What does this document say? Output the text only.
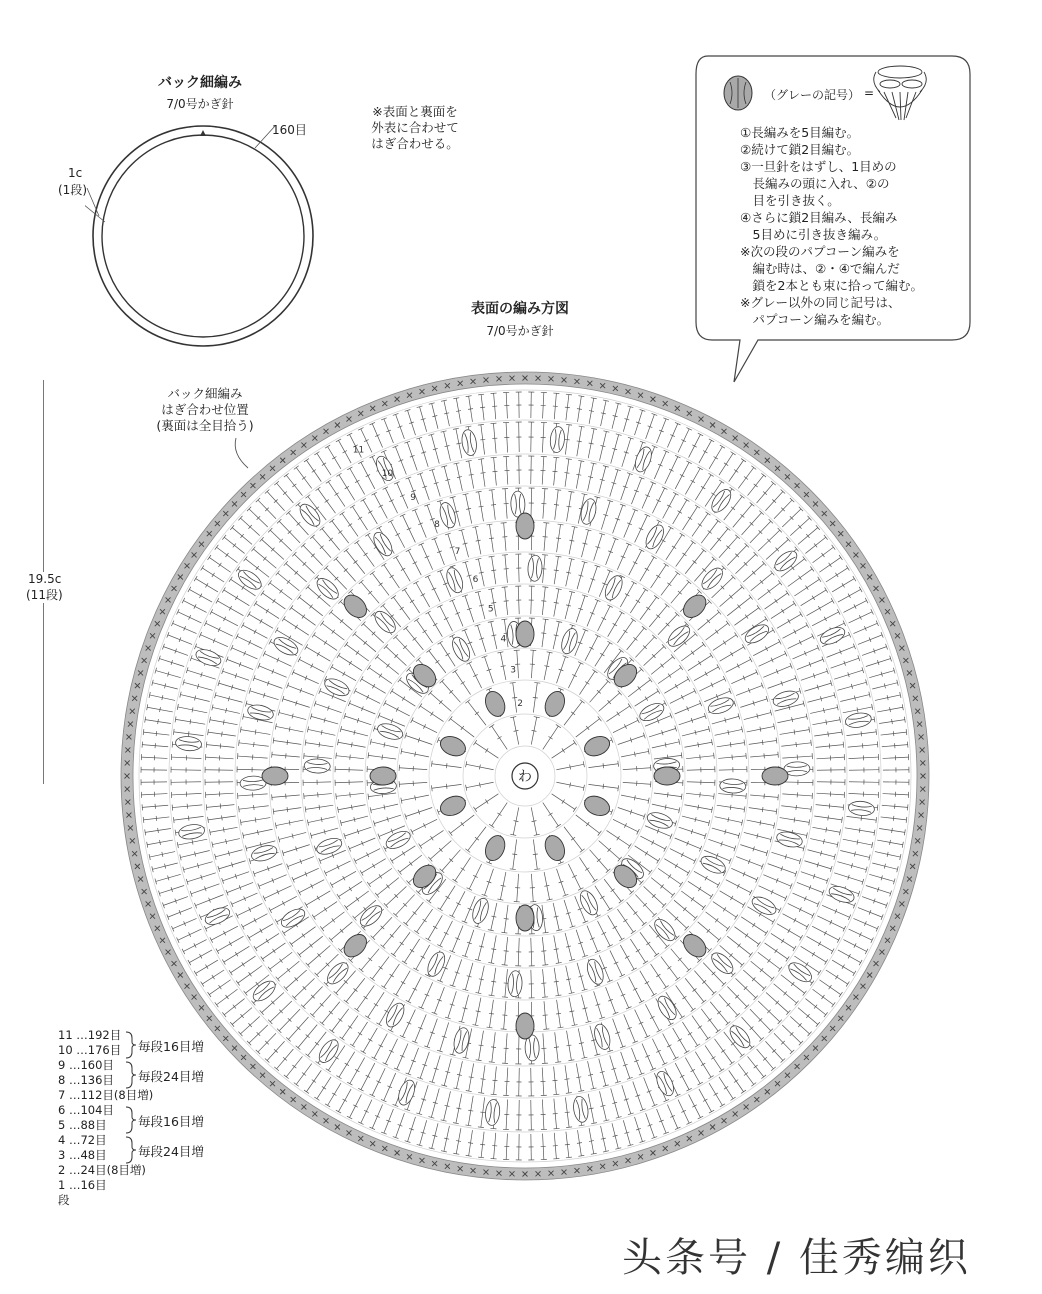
バック細編み
7/0号かぎ針
160目
1c
(1段)
※表面と裏面を
外表に合わせて
はぎ合わせる。
（グレーの記号） =
①長編みを5目編む。
②続けて鎖2目編む。
③一旦針をはずし、1目めの
　長編みの頭に入れ、②の
　目を引き抜く。
④さらに鎖2目編み、長編み
　5目めに引き抜き編み。
※次の段のパプコーン編みを
　編む時は、②・④で編んだ
　鎖を2本とも束に拾って編む。
※グレー以外の同じ記号は、
　パプコーン編みを編む。
表面の編み方図
7/0号かぎ針
バック細編み
はぎ合わせ位置
(裏面は全目拾う)
19.5c
(11段)
わ
2
3
4
5
6
7
8
9
10
11
11 …192目
10 …176目
9 …160目
8 …136目
7 …112目(8目増)
6 …104目
5 …88目
4 …72目
3 …48目
2 …24目(8目増)
1 …16目
段
毎段16目増
毎段24目増
毎段16目増
毎段24目増
头条号 / 佳秀编织
